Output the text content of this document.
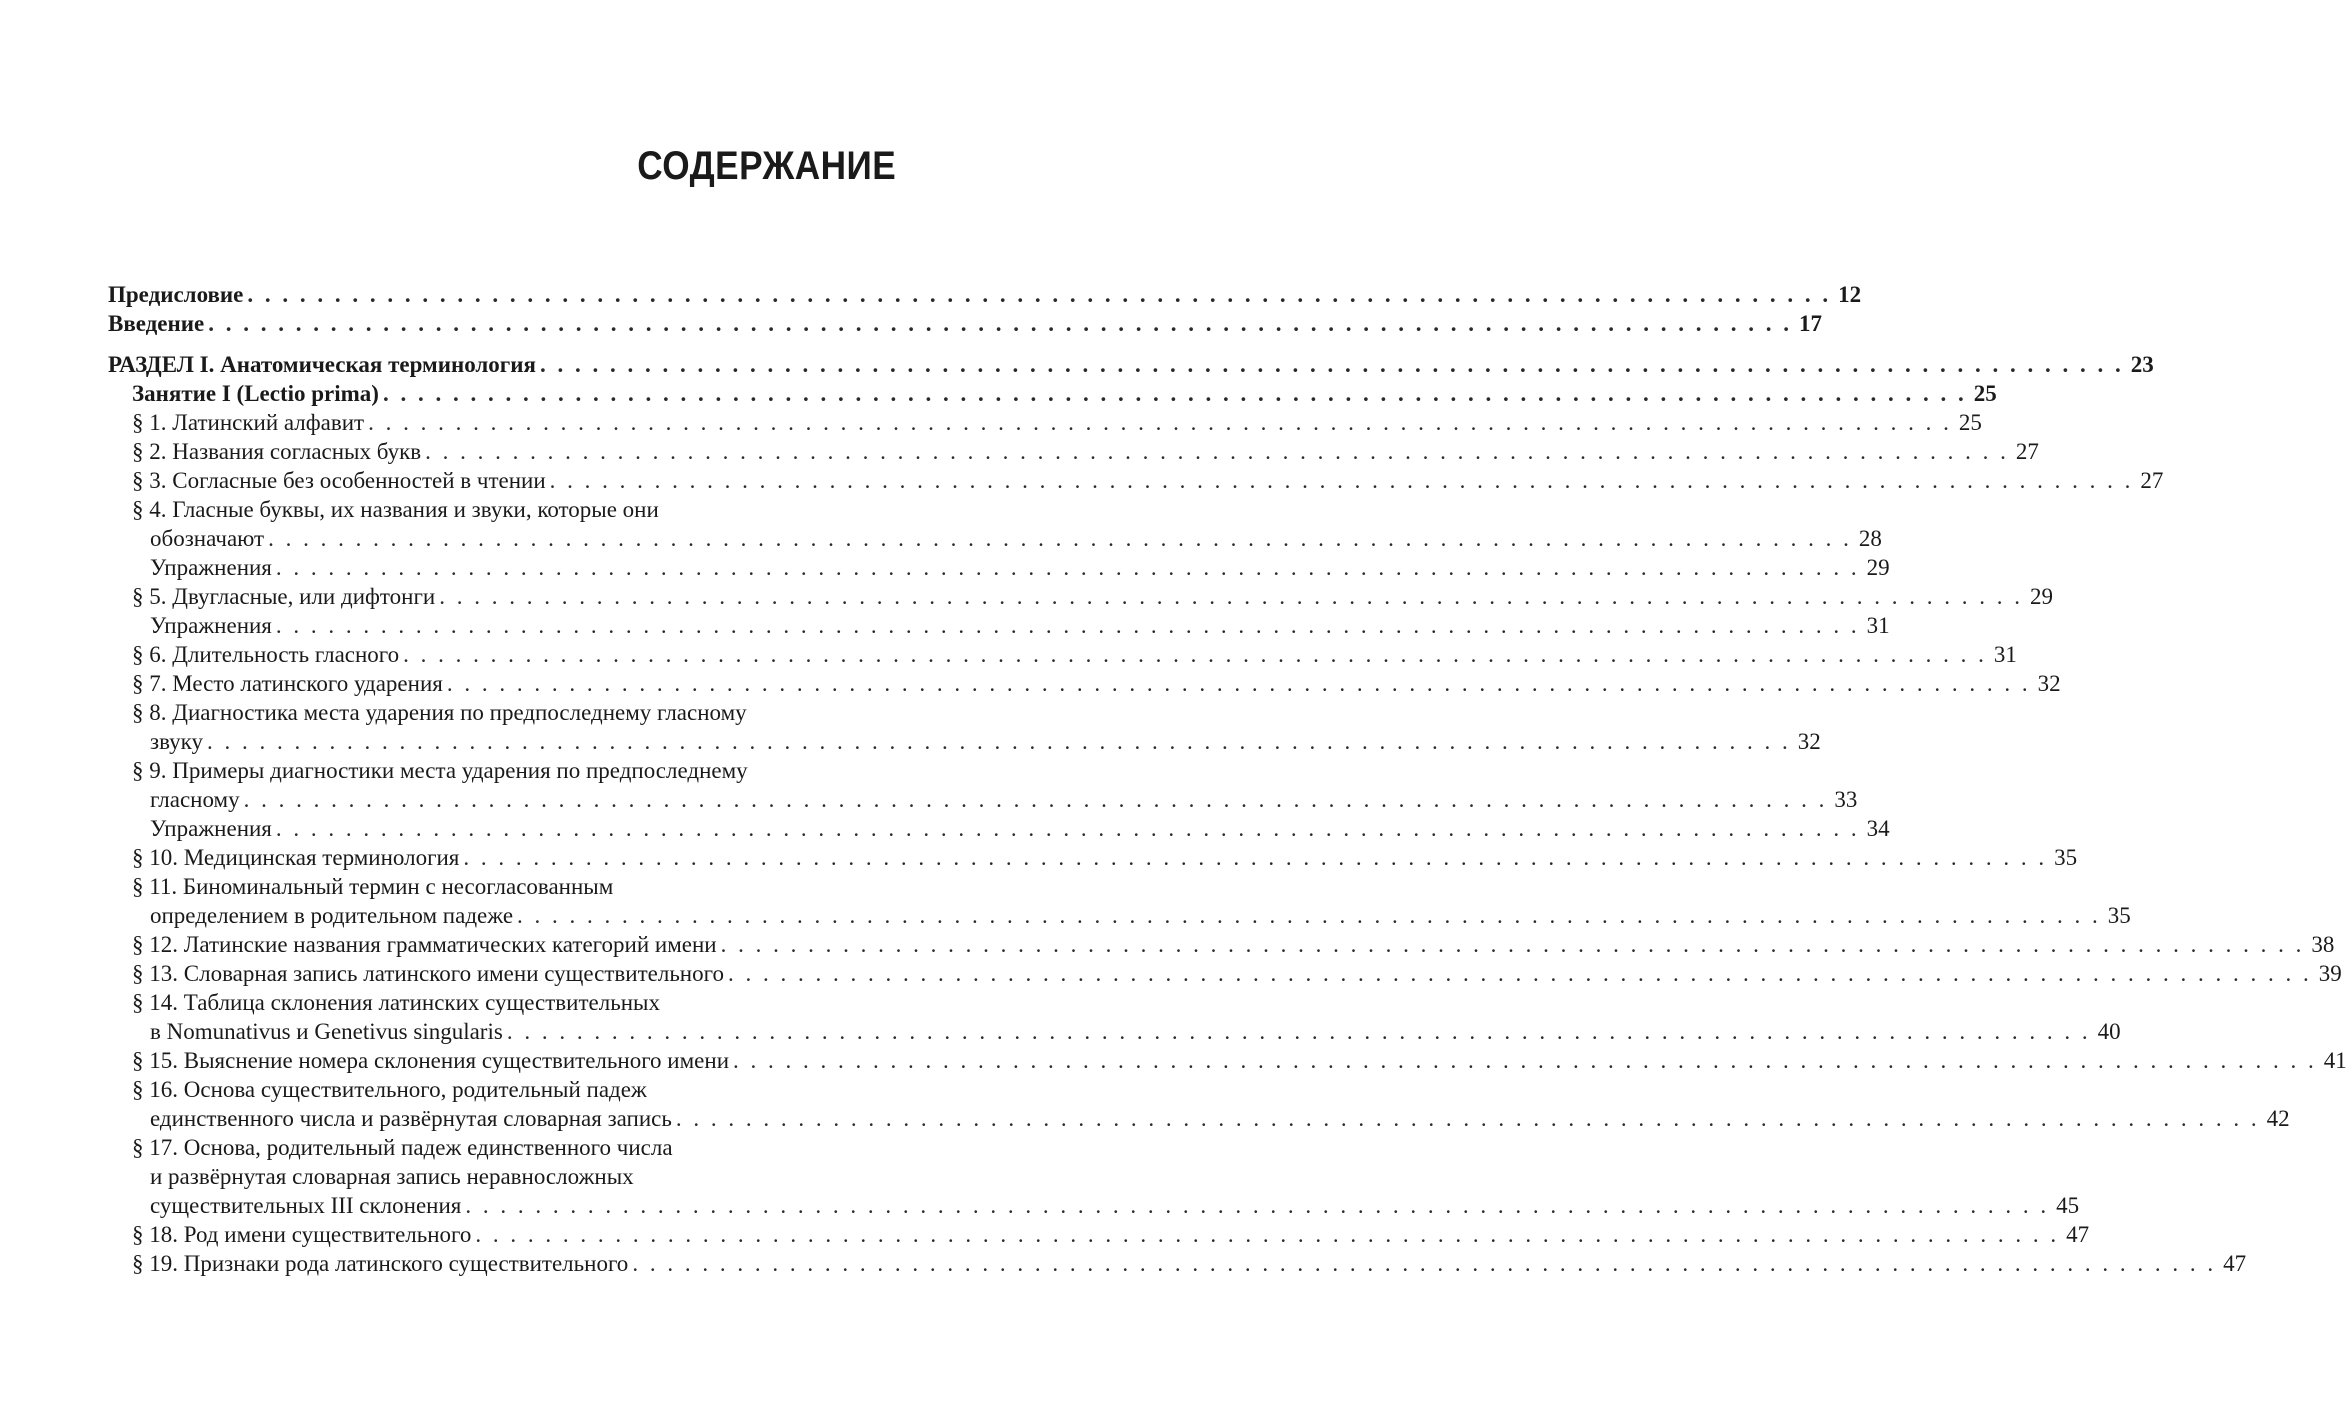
СОДЕРЖАНИЕ
Предисловие . . . . . . . . . . . . . . . . . . . . . . . . . . . . . . . . . . . . . . . . . . . . . . . . . . . . . . . . . . . . . . . . . . . . . . . . . . . . . . . . . . . . . . . . . . . 12
Введение . . . . . . . . . . . . . . . . . . . . . . . . . . . . . . . . . . . . . . . . . . . . . . . . . . . . . . . . . . . . . . . . . . . . . . . . . . . . . . . . . . . . . . . . . . . 17
РАЗДЕЛ I. Анатомическая терминология . . . . . . . . . . . . . . . . . . . . . . . . . . . . . . . . . . . . . . . . . . . . . . . . . . . . . . . . . . . . . . . . . . . . . . . . . . . . . . . . . . . . . . . . . . . 23
Занятие I (Lectio prima) . . . . . . . . . . . . . . . . . . . . . . . . . . . . . . . . . . . . . . . . . . . . . . . . . . . . . . . . . . . . . . . . . . . . . . . . . . . . . . . . . . . . . . . . . . . 25
§ 1. Латинский алфавит . . . . . . . . . . . . . . . . . . . . . . . . . . . . . . . . . . . . . . . . . . . . . . . . . . . . . . . . . . . . . . . . . . . . . . . . . . . . . . . . . . . . . . . . . . . 25
§ 2. Названия согласных букв . . . . . . . . . . . . . . . . . . . . . . . . . . . . . . . . . . . . . . . . . . . . . . . . . . . . . . . . . . . . . . . . . . . . . . . . . . . . . . . . . . . . . . . . . . . 27
§ 3. Согласные без особенностей в чтении . . . . . . . . . . . . . . . . . . . . . . . . . . . . . . . . . . . . . . . . . . . . . . . . . . . . . . . . . . . . . . . . . . . . . . . . . . . . . . . . . . . . . . . . . . . 27
§ 4. Гласные буквы, их названия и звуки, которые они
обозначают . . . . . . . . . . . . . . . . . . . . . . . . . . . . . . . . . . . . . . . . . . . . . . . . . . . . . . . . . . . . . . . . . . . . . . . . . . . . . . . . . . . . . . . . . . . 28
Упражнения . . . . . . . . . . . . . . . . . . . . . . . . . . . . . . . . . . . . . . . . . . . . . . . . . . . . . . . . . . . . . . . . . . . . . . . . . . . . . . . . . . . . . . . . . . . 29
§ 5. Двугласные, или дифтонги . . . . . . . . . . . . . . . . . . . . . . . . . . . . . . . . . . . . . . . . . . . . . . . . . . . . . . . . . . . . . . . . . . . . . . . . . . . . . . . . . . . . . . . . . . . 29
Упражнения . . . . . . . . . . . . . . . . . . . . . . . . . . . . . . . . . . . . . . . . . . . . . . . . . . . . . . . . . . . . . . . . . . . . . . . . . . . . . . . . . . . . . . . . . . . 31
§ 6. Длительность гласного . . . . . . . . . . . . . . . . . . . . . . . . . . . . . . . . . . . . . . . . . . . . . . . . . . . . . . . . . . . . . . . . . . . . . . . . . . . . . . . . . . . . . . . . . . . 31
§ 7. Место латинского ударения . . . . . . . . . . . . . . . . . . . . . . . . . . . . . . . . . . . . . . . . . . . . . . . . . . . . . . . . . . . . . . . . . . . . . . . . . . . . . . . . . . . . . . . . . . . 32
§ 8. Диагностика места ударения по предпоследнему гласному
звуку . . . . . . . . . . . . . . . . . . . . . . . . . . . . . . . . . . . . . . . . . . . . . . . . . . . . . . . . . . . . . . . . . . . . . . . . . . . . . . . . . . . . . . . . . . . 32
§ 9. Примеры диагностики места ударения по предпоследнему
гласному . . . . . . . . . . . . . . . . . . . . . . . . . . . . . . . . . . . . . . . . . . . . . . . . . . . . . . . . . . . . . . . . . . . . . . . . . . . . . . . . . . . . . . . . . . . 33
Упражнения . . . . . . . . . . . . . . . . . . . . . . . . . . . . . . . . . . . . . . . . . . . . . . . . . . . . . . . . . . . . . . . . . . . . . . . . . . . . . . . . . . . . . . . . . . . 34
§ 10. Медицинская терминология . . . . . . . . . . . . . . . . . . . . . . . . . . . . . . . . . . . . . . . . . . . . . . . . . . . . . . . . . . . . . . . . . . . . . . . . . . . . . . . . . . . . . . . . . . . 35
§ 11. Биноминальный термин с несогласованным
определением в родительном падеже . . . . . . . . . . . . . . . . . . . . . . . . . . . . . . . . . . . . . . . . . . . . . . . . . . . . . . . . . . . . . . . . . . . . . . . . . . . . . . . . . . . . . . . . . . . 35
§ 12. Латинские названия грамматических категорий имени . . . . . . . . . . . . . . . . . . . . . . . . . . . . . . . . . . . . . . . . . . . . . . . . . . . . . . . . . . . . . . . . . . . . . . . . . . . . . . . . . . . . . . . . . . . 38
§ 13. Словарная запись латинского имени существительного . . . . . . . . . . . . . . . . . . . . . . . . . . . . . . . . . . . . . . . . . . . . . . . . . . . . . . . . . . . . . . . . . . . . . . . . . . . . . . . . . . . . . . . . . . . 39
§ 14. Таблица склонения латинских существительных
в Nomunativus и Genetivus singularis . . . . . . . . . . . . . . . . . . . . . . . . . . . . . . . . . . . . . . . . . . . . . . . . . . . . . . . . . . . . . . . . . . . . . . . . . . . . . . . . . . . . . . . . . . . 40
§ 15. Выяснение номера склонения существительного имени . . . . . . . . . . . . . . . . . . . . . . . . . . . . . . . . . . . . . . . . . . . . . . . . . . . . . . . . . . . . . . . . . . . . . . . . . . . . . . . . . . . . . . . . . . . 41
§ 16. Основа существительного, родительный падеж
единственного числа и развёрнутая словарная запись . . . . . . . . . . . . . . . . . . . . . . . . . . . . . . . . . . . . . . . . . . . . . . . . . . . . . . . . . . . . . . . . . . . . . . . . . . . . . . . . . . . . . . . . . . . 42
§ 17. Основа, родительный падеж единственного числа
и развёрнутая словарная запись неравносложных
существительных III склонения . . . . . . . . . . . . . . . . . . . . . . . . . . . . . . . . . . . . . . . . . . . . . . . . . . . . . . . . . . . . . . . . . . . . . . . . . . . . . . . . . . . . . . . . . . . 45
§ 18. Род имени существительного . . . . . . . . . . . . . . . . . . . . . . . . . . . . . . . . . . . . . . . . . . . . . . . . . . . . . . . . . . . . . . . . . . . . . . . . . . . . . . . . . . . . . . . . . . . 47
§ 19. Признаки рода латинского существительного . . . . . . . . . . . . . . . . . . . . . . . . . . . . . . . . . . . . . . . . . . . . . . . . . . . . . . . . . . . . . . . . . . . . . . . . . . . . . . . . . . . . . . . . . . . 47
